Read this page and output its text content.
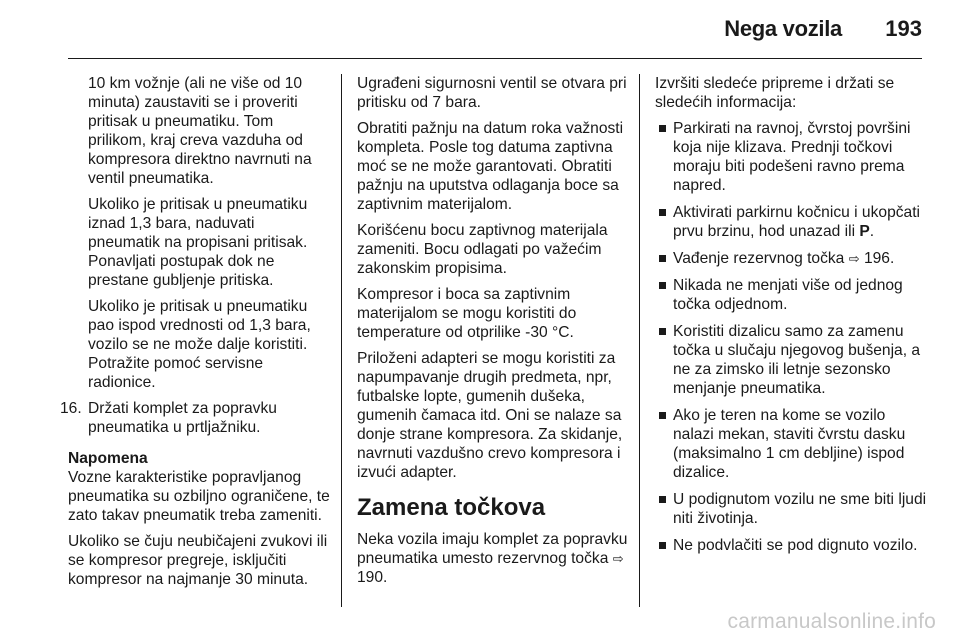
Nega vozila 193

10 km vožnje (ali ne više od 10 minuta) zaustaviti se i proveriti pritisak u pneumatiku. Tom prilikom, kraj creva vazduha od kompresora direktno navrnuti na ventil pneumatika.

Ukoliko je pritisak u pneumatiku iznad 1,3 bara, naduvati pneumatik na propisani pritisak. Ponavljati postupak dok ne prestane gubljenje pritiska.

Ukoliko je pritisak u pneumatiku pao ispod vrednosti od 1,3 bara, vozilo se ne može dalje koristiti. Potražite pomoć servisne radionice.

16. Držati komplet za popravku pneumatika u prtljažniku.
Napomena

Vozne karakteristike popravljanog pneumatika su ozbiljno ograničene, te zato takav pneumatik treba zameniti.

Ukoliko se čuju neubičajeni zvukovi ili se kompresor pregreje, isključiti kompresor na najmanje 30 minuta.

Ugrađeni sigurnosni ventil se otvara pri pritisku od 7 bara.

Obratiti pažnju na datum roka važnosti kompleta. Posle tog datuma zaptivna moć se ne može garantovati. Obratiti pažnju na uputstva odlaganja boce sa zaptivnim materijalom.

Korišćenu bocu zaptivnog materijala zameniti. Bocu odlagati po važećim zakonskim propisima.

Kompresor i boca sa zaptivnim materijalom se mogu koristiti do temperature od otprilike -30 °C.

Priloženi adapteri se mogu koristiti za napumpavanje drugih predmeta, npr, futbalske lopte, gumenih dušeka, gumenih čamaca itd. Oni se nalaze sa donje strane kompresora. Za skidanje, navrnuti vazdušno crevo kompresora i izvući adapter.

Zamena točkova

Neka vozila imaju komplet za popravku pneumatika umesto rezervnog točka ⇨ 190.

Izvršiti sledeće pripreme i držati se sledećih informacija:

Parkirati na ravnoj, čvrstoj površini koja nije klizava. Prednji točkovi moraju biti podešeni ravno prema napred.
Aktivirati parkirnu kočnicu i ukopčati prvu brzinu, hod unazad ili P.
Vađenje rezervnog točka ⇨ 196.
Nikada ne menjati više od jednog točka odjednom.
Koristiti dizalicu samo za zamenu točka u slučaju njegovog bušenja, a ne za zimsko ili letnje sezonsko menjanje pneumatika.
Ako je teren na kome se vozilo nalazi mekan, staviti čvrstu dasku (maksimalno 1 cm debljine) ispod dizalice.
U podignutom vozilu ne sme biti ljudi niti životinja.
Ne podvlačiti se pod dignuto vozilo.
carmanualsonline.info
